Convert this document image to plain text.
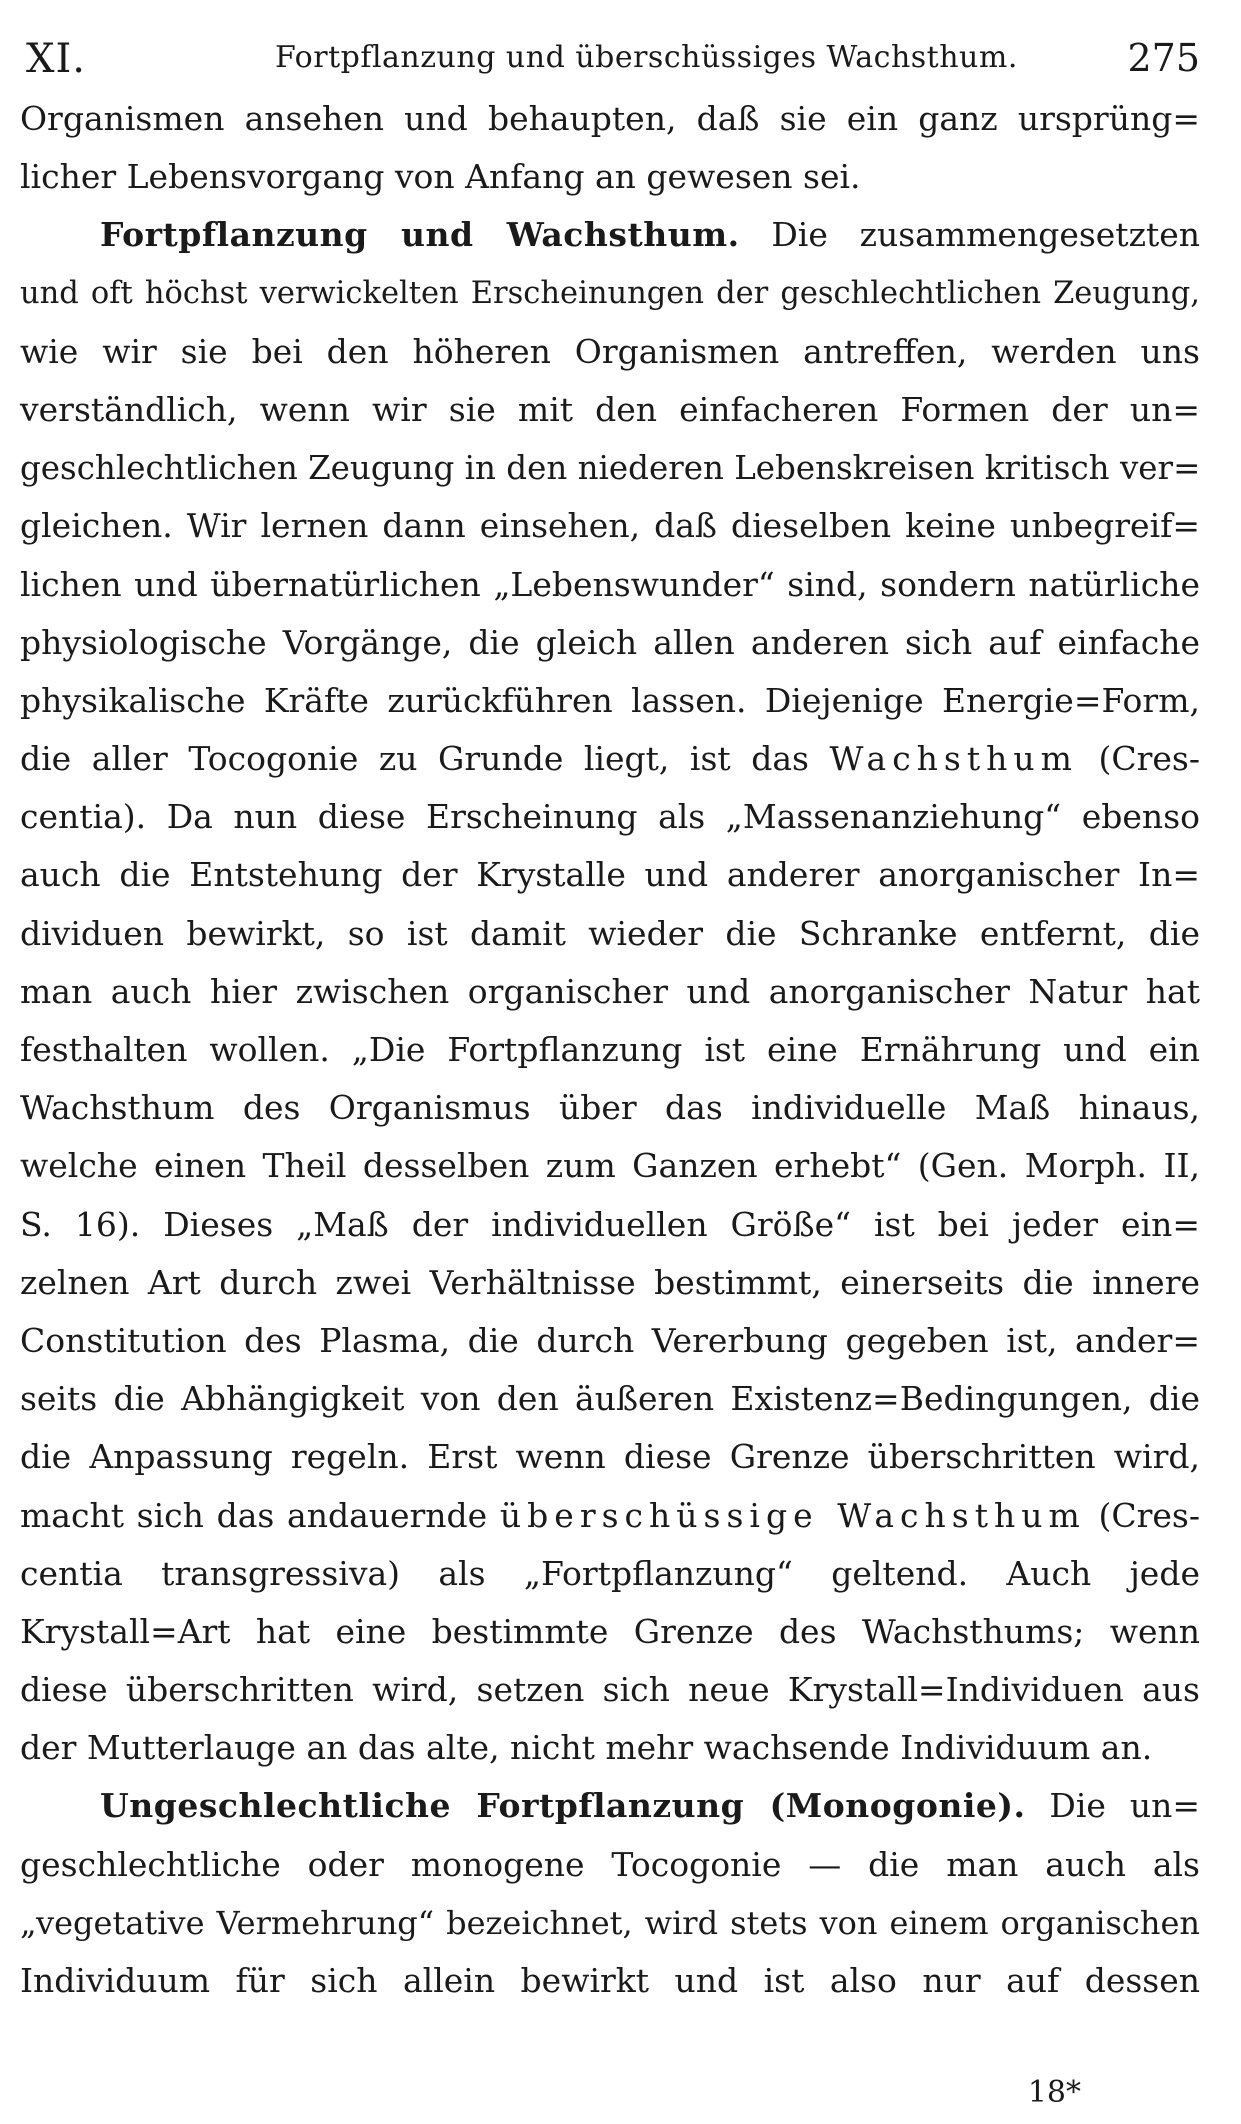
XI.	Fortpflanzung und überschüssiges Wachsthum.	275
Organismen ansehen und behaupten, daß sie ein ganz ursprüng=
licher Lebensvorgang von Anfang an gewesen sei.
Fortpflanzung und Wachsthum. Die zusammengesetzten
und oft höchst verwickelten Erscheinungen der geschlechtlichen Zeugung,
wie wir sie bei den höheren Organismen antreffen, werden uns
verständlich, wenn wir sie mit den einfacheren Formen der un=
geschlechtlichen Zeugung in den niederen Lebenskreisen kritisch ver=
gleichen. Wir lernen dann einsehen, daß dieselben keine unbegreif=
lichen und übernatürlichen „Lebenswunder“ sind, sondern natürliche
physiologische Vorgänge, die gleich allen anderen sich auf einfache
physikalische Kräfte zurückführen lassen. Diejenige Energie=Form,
die aller Tocogonie zu Grunde liegt, ist das Wachsthum (Cres-
centia). Da nun diese Erscheinung als „Massenanziehung“ ebenso
auch die Entstehung der Krystalle und anderer anorganischer In=
dividuen bewirkt, so ist damit wieder die Schranke entfernt, die
man auch hier zwischen organischer und anorganischer Natur hat
festhalten wollen. „Die Fortpflanzung ist eine Ernährung und ein
Wachsthum des Organismus über das individuelle Maß hinaus,
welche einen Theil desselben zum Ganzen erhebt“ (Gen. Morph. II,
S. 16). Dieses „Maß der individuellen Größe“ ist bei jeder ein=
zelnen Art durch zwei Verhältnisse bestimmt, einerseits die innere
Constitution des Plasma, die durch Vererbung gegeben ist, ander=
seits die Abhängigkeit von den äußeren Existenz=Bedingungen, die
die Anpassung regeln. Erst wenn diese Grenze überschritten wird,
macht sich das andauernde überschüssige Wachsthum (Cres-
centia transgressiva) als „Fortpflanzung“ geltend. Auch jede
Krystall=Art hat eine bestimmte Grenze des Wachsthums; wenn
diese überschritten wird, setzen sich neue Krystall=Individuen aus
der Mutterlauge an das alte, nicht mehr wachsende Individuum an.
Ungeschlechtliche Fortpflanzung (Monogonie). Die un=
geschlechtliche oder monogene Tocogonie — die man auch als
„vegetative Vermehrung“ bezeichnet, wird stets von einem organischen
Individuum für sich allein bewirkt und ist also nur auf dessen
18*
